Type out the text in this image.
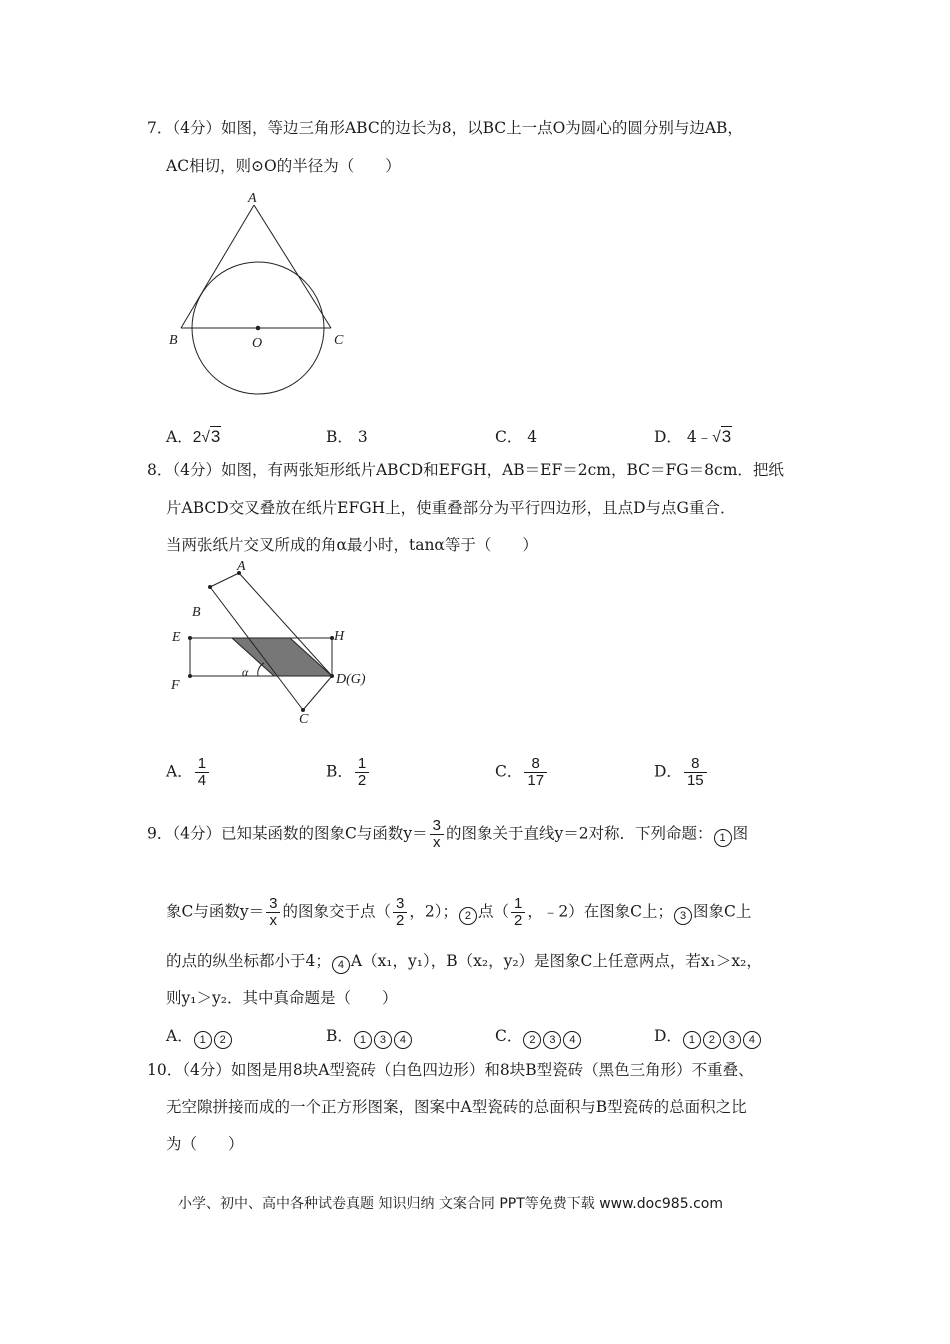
7．（4分）如图，等边三角形ABC的边长为8，以BC上一点O为圆心的圆分别与边AB，
AC相切，则⊙O的半径为（　　）
A
B	C
O
A．2√3	B． 3	C． 4	D． 4﹣√3
8．（4分）如图，有两张矩形纸片ABCD和EFGH，AB＝EF＝2cm，BC＝FG＝8cm．把纸
片ABCD交叉叠放在纸片EFGH上，使重叠部分为平行四边形，且点D与点G重合．
当两张纸片交叉所成的角α最小时，tanα等于（　　）
A
B
E	H
F	D(G)
C
α
A． $\frac{1}{4}$	B． $\frac{1}{2}$	C． $\frac{8}{17}$	D． $\frac{8}{15}$
9．（4分）已知某函数的图象C与函数$y= \frac{3}{x}$ 的图象关于直线y＝2对称．下列命题： 1 图
象C与函数$y= \frac{3}{x}$ 的图象交于点（ $\frac{3}{2}$ ，2）； 2 点（ $\frac{1}{2}$ ，﹣2）在图象C上； 3 图象C上
的点的纵坐标都小于4； 4 A（x₁，y₁），B（x₂，y₂）是图象C上任意两点，若x₁＞x₂，
则y₁＞y₂．其中真命题是（　　）
A． 1 2	B． 1 3 4	C． 2 3 4	D． 1 2 3 4
10．（4分）如图是用8块A型瓷砖（白色四边形）和8块B型瓷砖（黑色三角形）不重叠、
无空隙拼接而成的一个正方形图案，图案中A型瓷砖的总面积与B型瓷砖的总面积之比
为（　　）
小学、初中、高中各种试卷真题 知识归纳 文案合同 PPT等免费下载 www.doc985.com
